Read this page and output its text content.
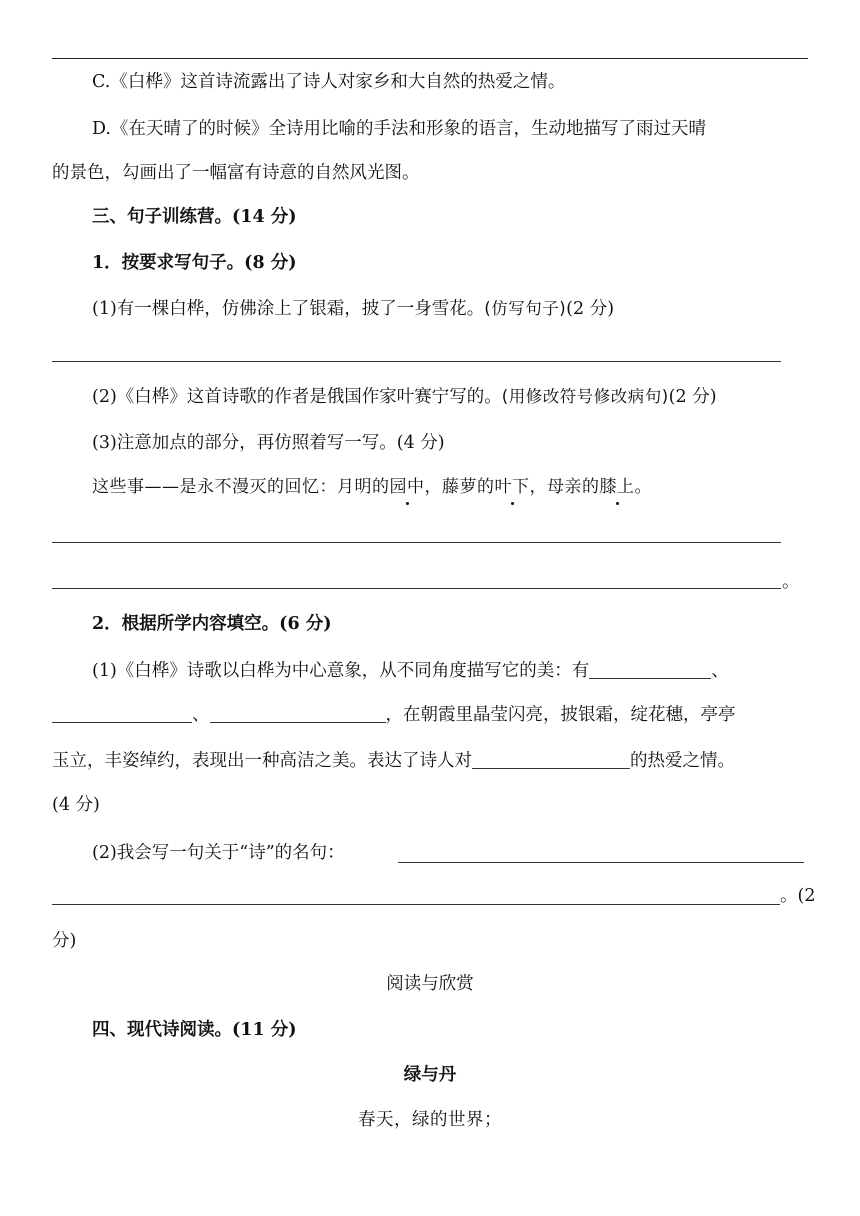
C.《白桦》这首诗流露出了诗人对家乡和大自然的热爱之情。
D.《在天晴了的时候》全诗用比喻的手法和形象的语言，生动地描写了雨过天晴
的景色，勾画出了一幅富有诗意的自然风光图。
三、句子训练营。(14 分)
1．按要求写句子。(8 分)
(1)有一棵白桦，仿佛涂上了银霜，披了一身雪花。(仿写句子)(2 分)
(2)《白桦》这首诗歌的作者是俄国作家叶赛宁写的。(用修改符号修改病句)(2 分)
(3)注意加点的部分，再仿照着写一写。(4 分)
这些事——是永不漫灭的回忆：月明的园中，藤萝的叶下，母亲的膝上。
。
2．根据所学内容填空。(6 分)
(1)《白桦》诗歌以白桦为中心意象，从不同角度描写它的美：有	、
、	，在朝霞里晶莹闪亮，披银霜，绽花穗，亭亭
玉立，丰姿绰约，表现出一种高洁之美。表达了诗人对	的热爱之情。
(4 分)
(2)我会写一句关于“诗”的名句：
。(2
分)
阅读与欣赏
四、现代诗阅读。(11 分)
绿与丹
春天，绿的世界；
